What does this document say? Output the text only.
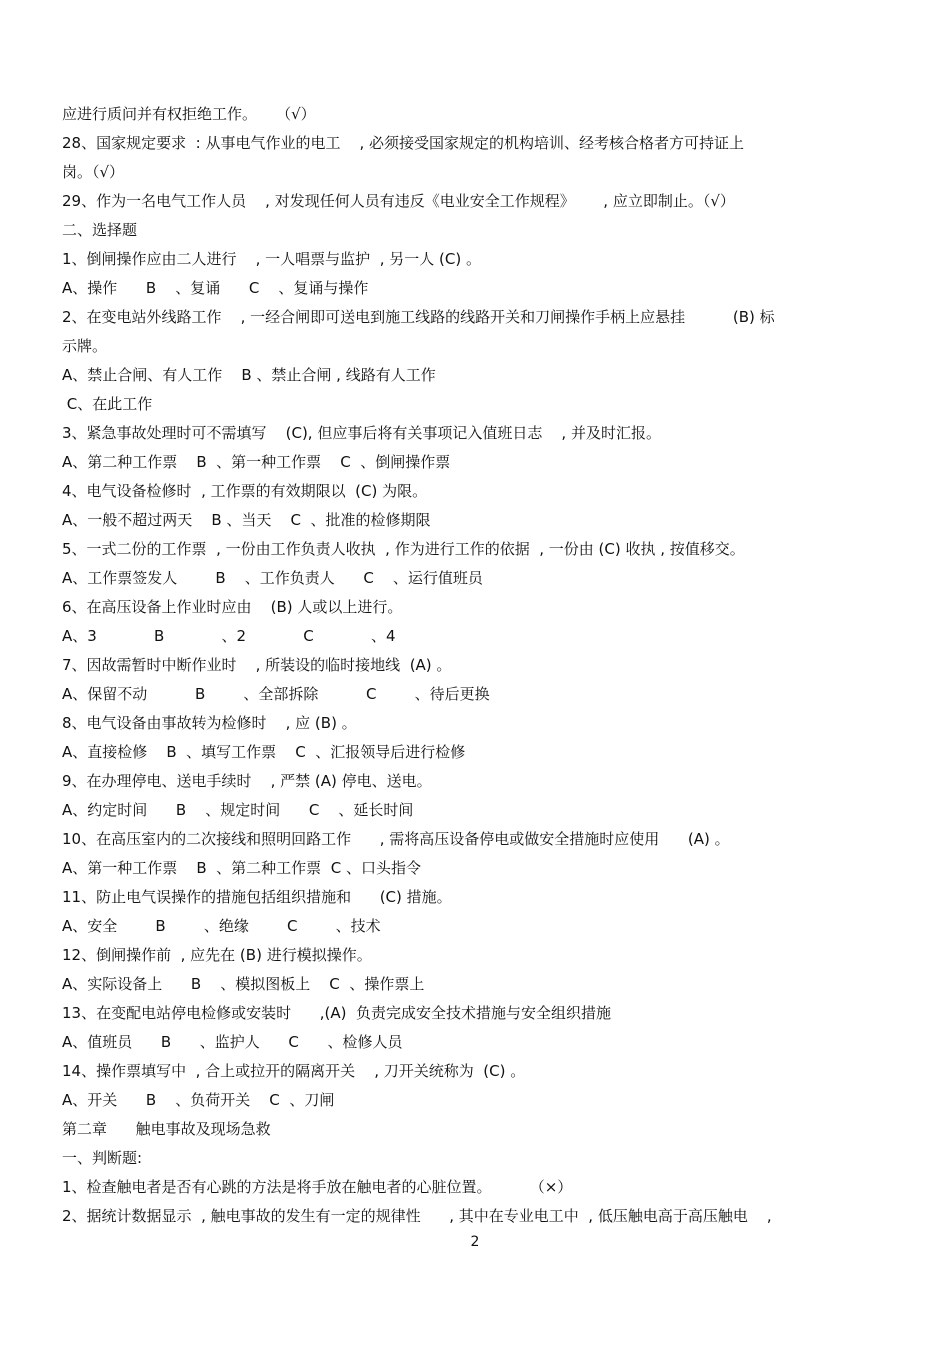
应进行质问并有权拒绝工作。    （√）

28、国家规定要求  : 从事电气作业的电工    , 必须接受国家规定的机构培训、经考核合格者方可持证上

岗。（√）

29、作为一名电气工作人员    , 对发现任何人员有违反《电业安全工作规程》      , 应立即制止。（√）

二、选择题

1、倒闸操作应由二人进行    , 一人唱票与监护  , 另一人 (C) 。

A、操作      B    、复诵      C    、复诵与操作

2、在变电站外线路工作    , 一经合闸即可送电到施工线路的线路开关和刀闸操作手柄上应悬挂          (B) 标

示牌。

A、禁止合闸、有人工作    B 、禁止合闸 , 线路有人工作

C、在此工作

3、紧急事故处理时可不需填写    (C), 但应事后将有关事项记入值班日志    , 并及时汇报。

A、第二种工作票    B  、第一种工作票    C  、倒闸操作票

4、电气设备检修时  , 工作票的有效期限以  (C) 为限。

A、一般不超过两天    B 、当天    C  、批准的检修期限

5、一式二份的工作票  , 一份由工作负责人收执  , 作为进行工作的依据  , 一份由 (C) 收执 , 按值移交。

A、工作票签发人        B    、工作负责人      C    、运行值班员

6、在高压设备上作业时应由    (B) 人或以上进行。

A、3            B            、2            C            、4

7、因故需暂时中断作业时    , 所装设的临时接地线  (A) 。

A、保留不动          B        、全部拆除          C        、待后更换

8、电气设备由事故转为检修时    , 应 (B) 。

A、直接检修    B  、填写工作票    C  、汇报领导后进行检修

9、在办理停电、送电手续时    , 严禁 (A) 停电、送电。

A、约定时间      B    、规定时间      C    、延长时间

10、在高压室内的二次接线和照明回路工作      , 需将高压设备停电或做安全措施时应使用      (A) 。

A、第一种工作票    B  、第二种工作票  C 、口头指令

11、防止电气误操作的措施包括组织措施和      (C) 措施。

A、安全        B        、绝缘        C        、技术

12、倒闸操作前  , 应先在 (B) 进行模拟操作。

A、实际设备上      B    、模拟图板上    C  、操作票上

13、在变配电站停电检修或安装时      ,(A)  负责完成安全技术措施与安全组织措施

A、值班员      B      、监护人      C      、检修人员

14、操作票填写中  , 合上或拉开的隔离开关    , 刀开关统称为  (C) 。

A、开关      B    、负荷开关    C  、刀闸

第二章      触电事故及现场急救

一、判断题:

1、检查触电者是否有心跳的方法是将手放在触电者的心脏位置。        （×）

2、据统计数据显示  , 触电事故的发生有一定的规律性      , 其中在专业电工中  , 低压触电高于高压触电    ,

2
